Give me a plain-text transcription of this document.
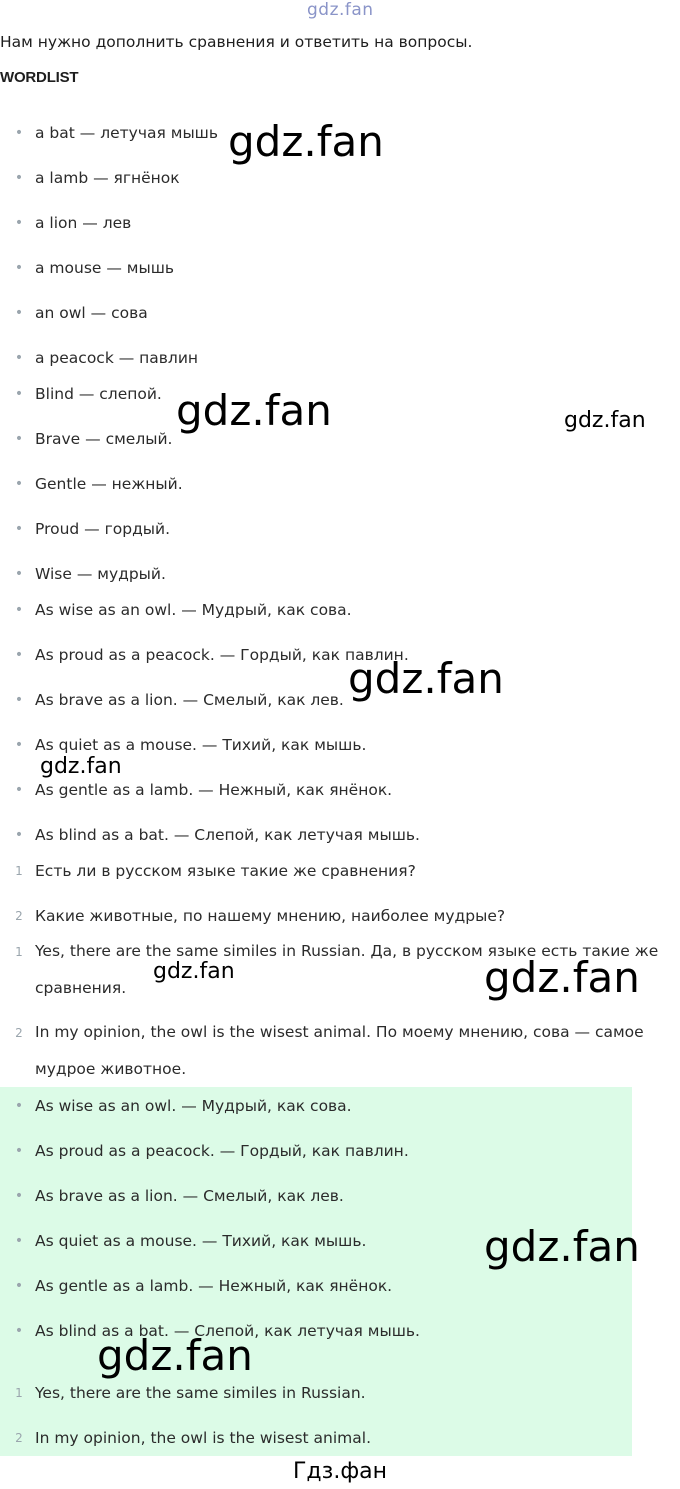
gdz.fan
Нам нужно дополнить сравнения и ответить на вопросы.
WORDLIST
• a bat — летучая мышь
• a lamb — ягнёнок
• a lion — лев
• a mouse — мышь
• an owl — сова
• a peacock — павлин
• Blind — слепой.
• Brave — смелый.
• Gentle — нежный.
• Proud — гордый.
• Wise — мудрый.
• As wise as an owl. — Мудрый, как сова.
• As proud as a peacock. — Гордый, как павлин.
• As brave as a lion. — Смелый, как лев.
• As quiet as a mouse. — Тихий, как мышь.
• As gentle as a lamb. — Нежный, как янёнок.
• As blind as a bat. — Слепой, как летучая мышь.
1 Есть ли в русском языке такие же сравнения?
2 Какие животные, по нашему мнению, наиболее мудрые?
1 Yes, there are the same similes in Russian. Да, в русском языке есть такие же сравнения.
2 In my opinion, the owl is the wisest animal. По моему мнению, сова — самое мудрое животное.
• As wise as an owl. — Мудрый, как сова.
• As proud as a peacock. — Гордый, как павлин.
• As brave as a lion. — Смелый, как лев.
• As quiet as a mouse. — Тихий, как мышь.
• As gentle as a lamb. — Нежный, как янёнок.
• As blind as a bat. — Слепой, как летучая мышь.
1 Yes, there are the same similes in Russian.
2 In my opinion, the owl is the wisest animal.
gdz.fan
gdz.fan	gdz.fan
gdz.fan
gdz.fan
gdz.fan	gdz.fan
gdz.fan
gdz.fan
Гдз.фан
